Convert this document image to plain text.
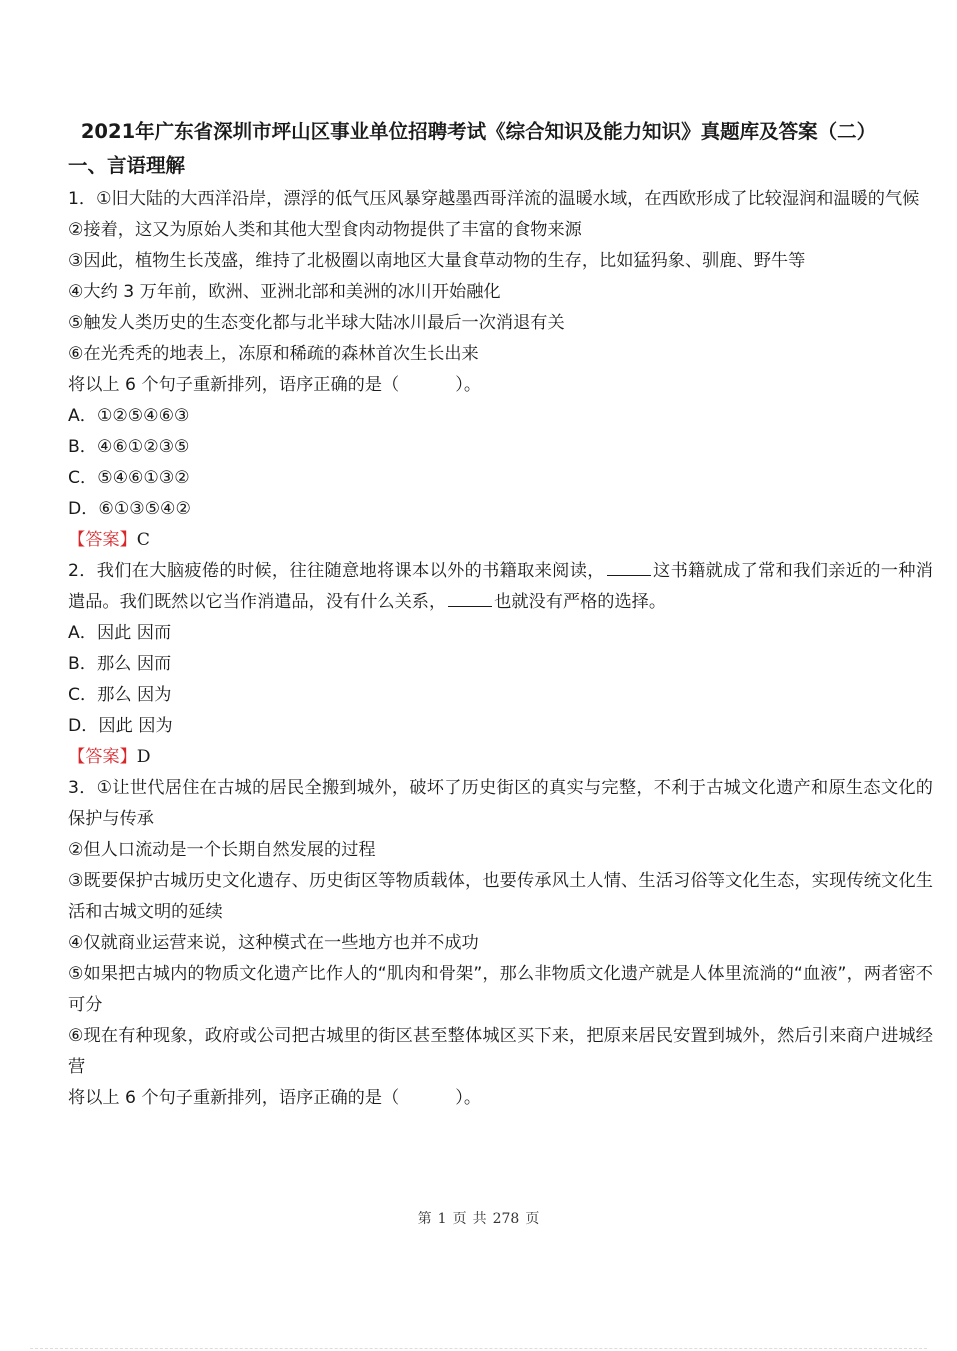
2021年广东省深圳市坪山区事业单位招聘考试《综合知识及能力知识》真题库及答案（二）
一、言语理解
1．①旧大陆的大西洋沿岸，漂浮的低气压风暴穿越墨西哥洋流的温暖水域，在西欧形成了比较湿润和温暖的气候
②接着，这又为原始人类和其他大型食肉动物提供了丰富的食物来源
③因此，植物生长茂盛，维持了北极圈以南地区大量食草动物的生存，比如猛犸象、驯鹿、野牛等
④大约 3 万年前，欧洲、亚洲北部和美洲的冰川开始融化
⑤触发人类历史的生态变化都与北半球大陆冰川最后一次消退有关
⑥在光秃秃的地表上，冻原和稀疏的森林首次生长出来
将以上 6 个句子重新排列，语序正确的是（	）。
A．①②⑤④⑥③
B．④⑥①②③⑤
C．⑤④⑥①③②
D．⑥①③⑤④②
【答案】C
2．我们在大脑疲倦的时候，往往随意地将课本以外的书籍取来阅读，	这书籍就成了常和我们亲近的一种消遣品。我们既然以它当作消遣品，没有什么关系，	也就没有严格的选择。
A．因此 因而
B．那么 因而
C．那么 因为
D．因此 因为
【答案】D
3．①让世代居住在古城的居民全搬到城外，破坏了历史街区的真实与完整，不利于古城文化遗产和原生态文化的保护与传承
②但人口流动是一个长期自然发展的过程
③既要保护古城历史文化遗存、历史街区等物质载体，也要传承风土人情、生活习俗等文化生态，实现传统文化生活和古城文明的延续
④仅就商业运营来说，这种模式在一些地方也并不成功
⑤如果把古城内的物质文化遗产比作人的“肌肉和骨架”，那么非物质文化遗产就是人体里流淌的“血液”，两者密不可分
⑥现在有种现象，政府或公司把古城里的街区甚至整体城区买下来，把原来居民安置到城外，然后引来商户进城经营
将以上 6 个句子重新排列，语序正确的是（	）。
第 1 页 共 278 页
